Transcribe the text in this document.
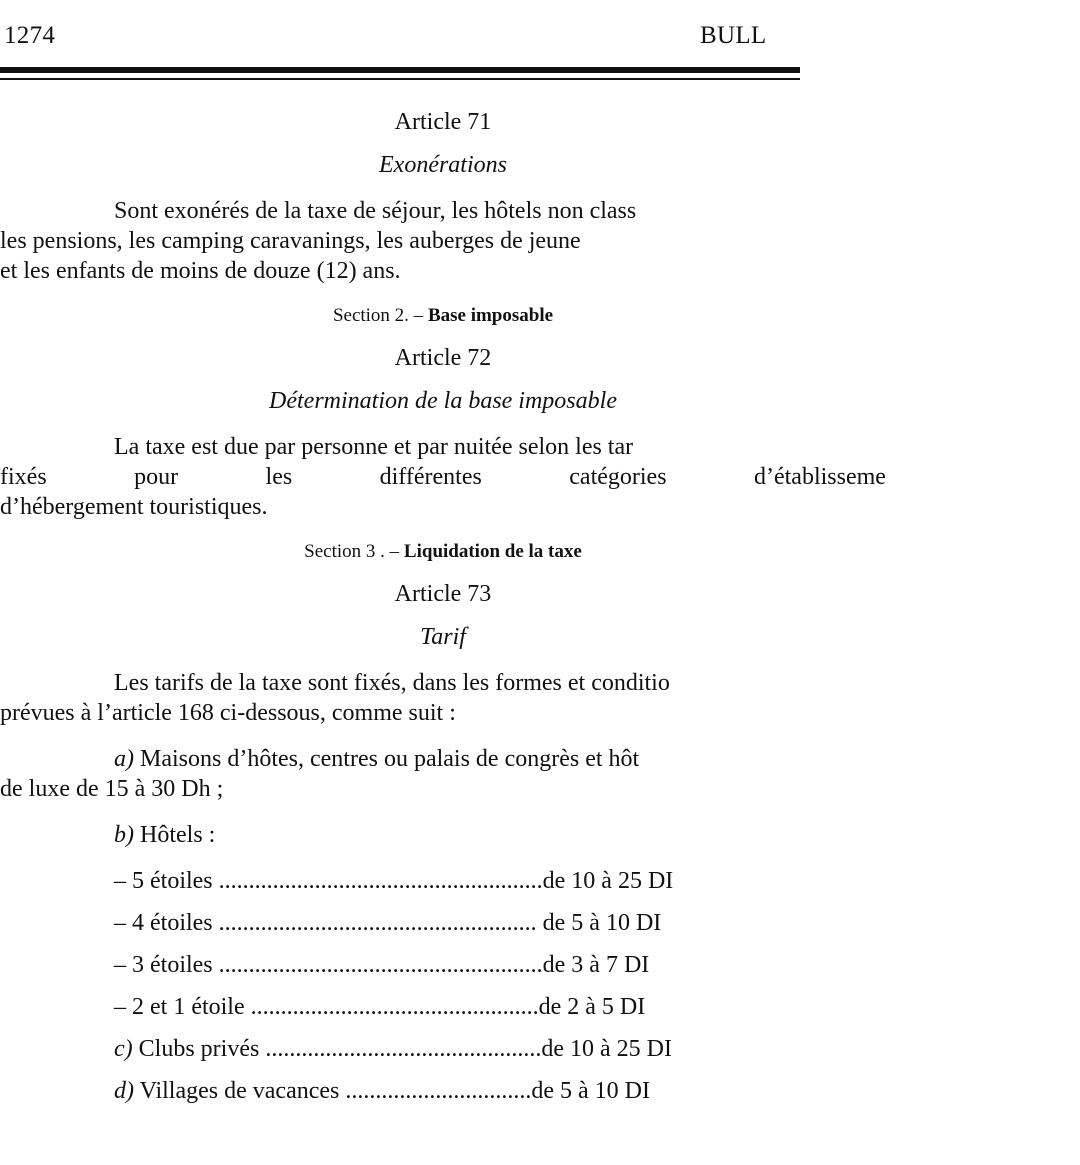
1274	BULL
Article 71
Exonérations
Sont exonérés de la taxe de séjour, les hôtels non class
les pensions, les camping caravanings, les auberges de jeune
et les enfants de moins de douze (12) ans.
Section 2. – Base imposable
Article 72
Détermination de la base imposable
La taxe est due par personne et par nuitée selon les tar
fixés	pour	les	différentes	catégories	d’établisseme
d’hébergement touristiques.
Section 3 . – Liquidation de la taxe
Article 73
Tarif
Les tarifs de la taxe sont fixés, dans les formes et conditio
prévues à l’article 168 ci-dessous, comme suit :
a) Maisons d’hôtes, centres ou palais de congrès et hôt
de luxe de 15 à 30 Dh ;
b) Hôtels :
– 5 étoiles ......................................................de 10 à 25 DI
– 4 étoiles ..................................................... de 5 à 10 DI
– 3 étoiles ......................................................de 3 à 7 DI
– 2 et 1 étoile ................................................de 2 à 5 DI
c) Clubs privés ..............................................de 10 à 25 DI
d) Villages de vacances ...............................de 5 à 10 DI
